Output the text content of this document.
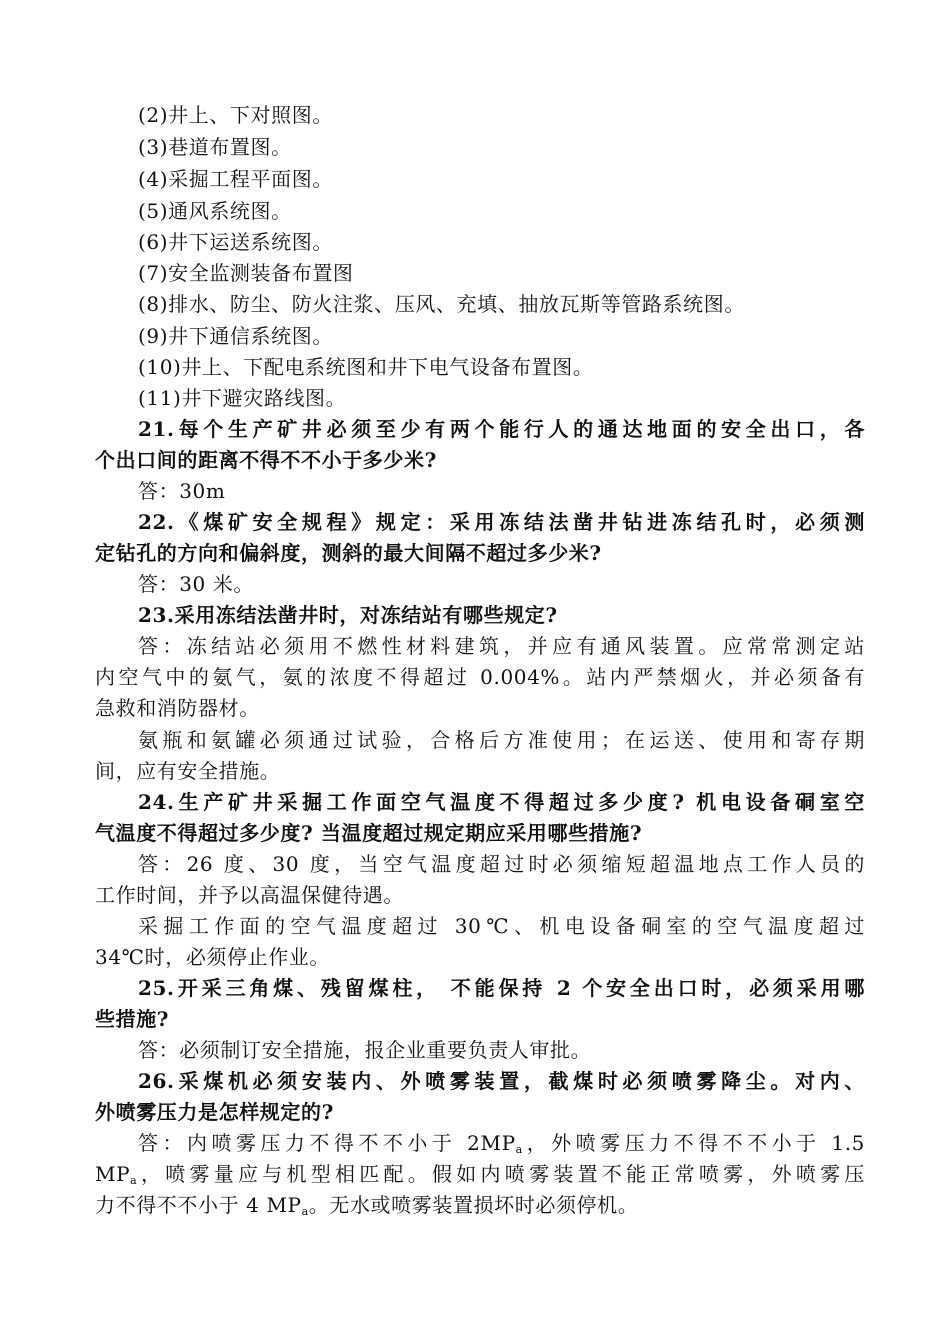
(2)井上、下对照图。
(3)巷道布置图。
(4)采掘工程平面图。
(5)通风系统图。
(6)井下运送系统图。
(7)安全监测装备布置图
(8)排水、防尘、防火注浆、压风、充填、抽放瓦斯等管路系统图。
(9)井下通信系统图。
(10)井上、下配电系统图和井下电气设备布置图。
(11)井下避灾路线图。
21.每个生产矿井必须至少有两个能行人的通达地面的安全出口，各
个出口间的距离不得不不小于多少米?
答：30m
22.《煤矿安全规程》规定：采用冻结法凿井钻进冻结孔时，必须测
定钻孔的方向和偏斜度，测斜的最大间隔不超过多少米?
答：30 米。
23.采用冻结法凿井时，对冻结站有哪些规定?
答：冻结站必须用不燃性材料建筑，并应有通风装置。应常常测定站
内空气中的氨气，氨的浓度不得超过 0.004%。站内严禁烟火，并必须备有
急救和消防器材。
氨瓶和氨罐必须通过试验，合格后方准使用；在运送、使用和寄存期
间，应有安全措施。
24.生产矿井采掘工作面空气温度不得超过多少度? 机电设备硐室空
气温度不得超过多少度? 当温度超过规定期应采用哪些措施?
答：26 度、30 度，当空气温度超过时必须缩短超温地点工作人员的
工作时间，并予以高温保健待遇。
采掘工作面的空气温度超过 30℃、机电设备硐室的空气温度超过
34℃时，必须停止作业。
25.开采三角煤、残留煤柱， 不能保持 2 个安全出口时，必须采用哪
些措施?
答：必须制订安全措施，报企业重要负责人审批。
26.采煤机必须安装内、外喷雾装置，截煤时必须喷雾降尘。对内、
外喷雾压力是怎样规定的?
答：内喷雾压力不得不不小于 $2MP_a$，外喷雾压力不得不不小于 1.5
$MP_a$，喷雾量应与机型相匹配。假如内喷雾装置不能正常喷雾，外喷雾压
力不得不不小于 4 $MP_a$。无水或喷雾装置损坏时必须停机。
